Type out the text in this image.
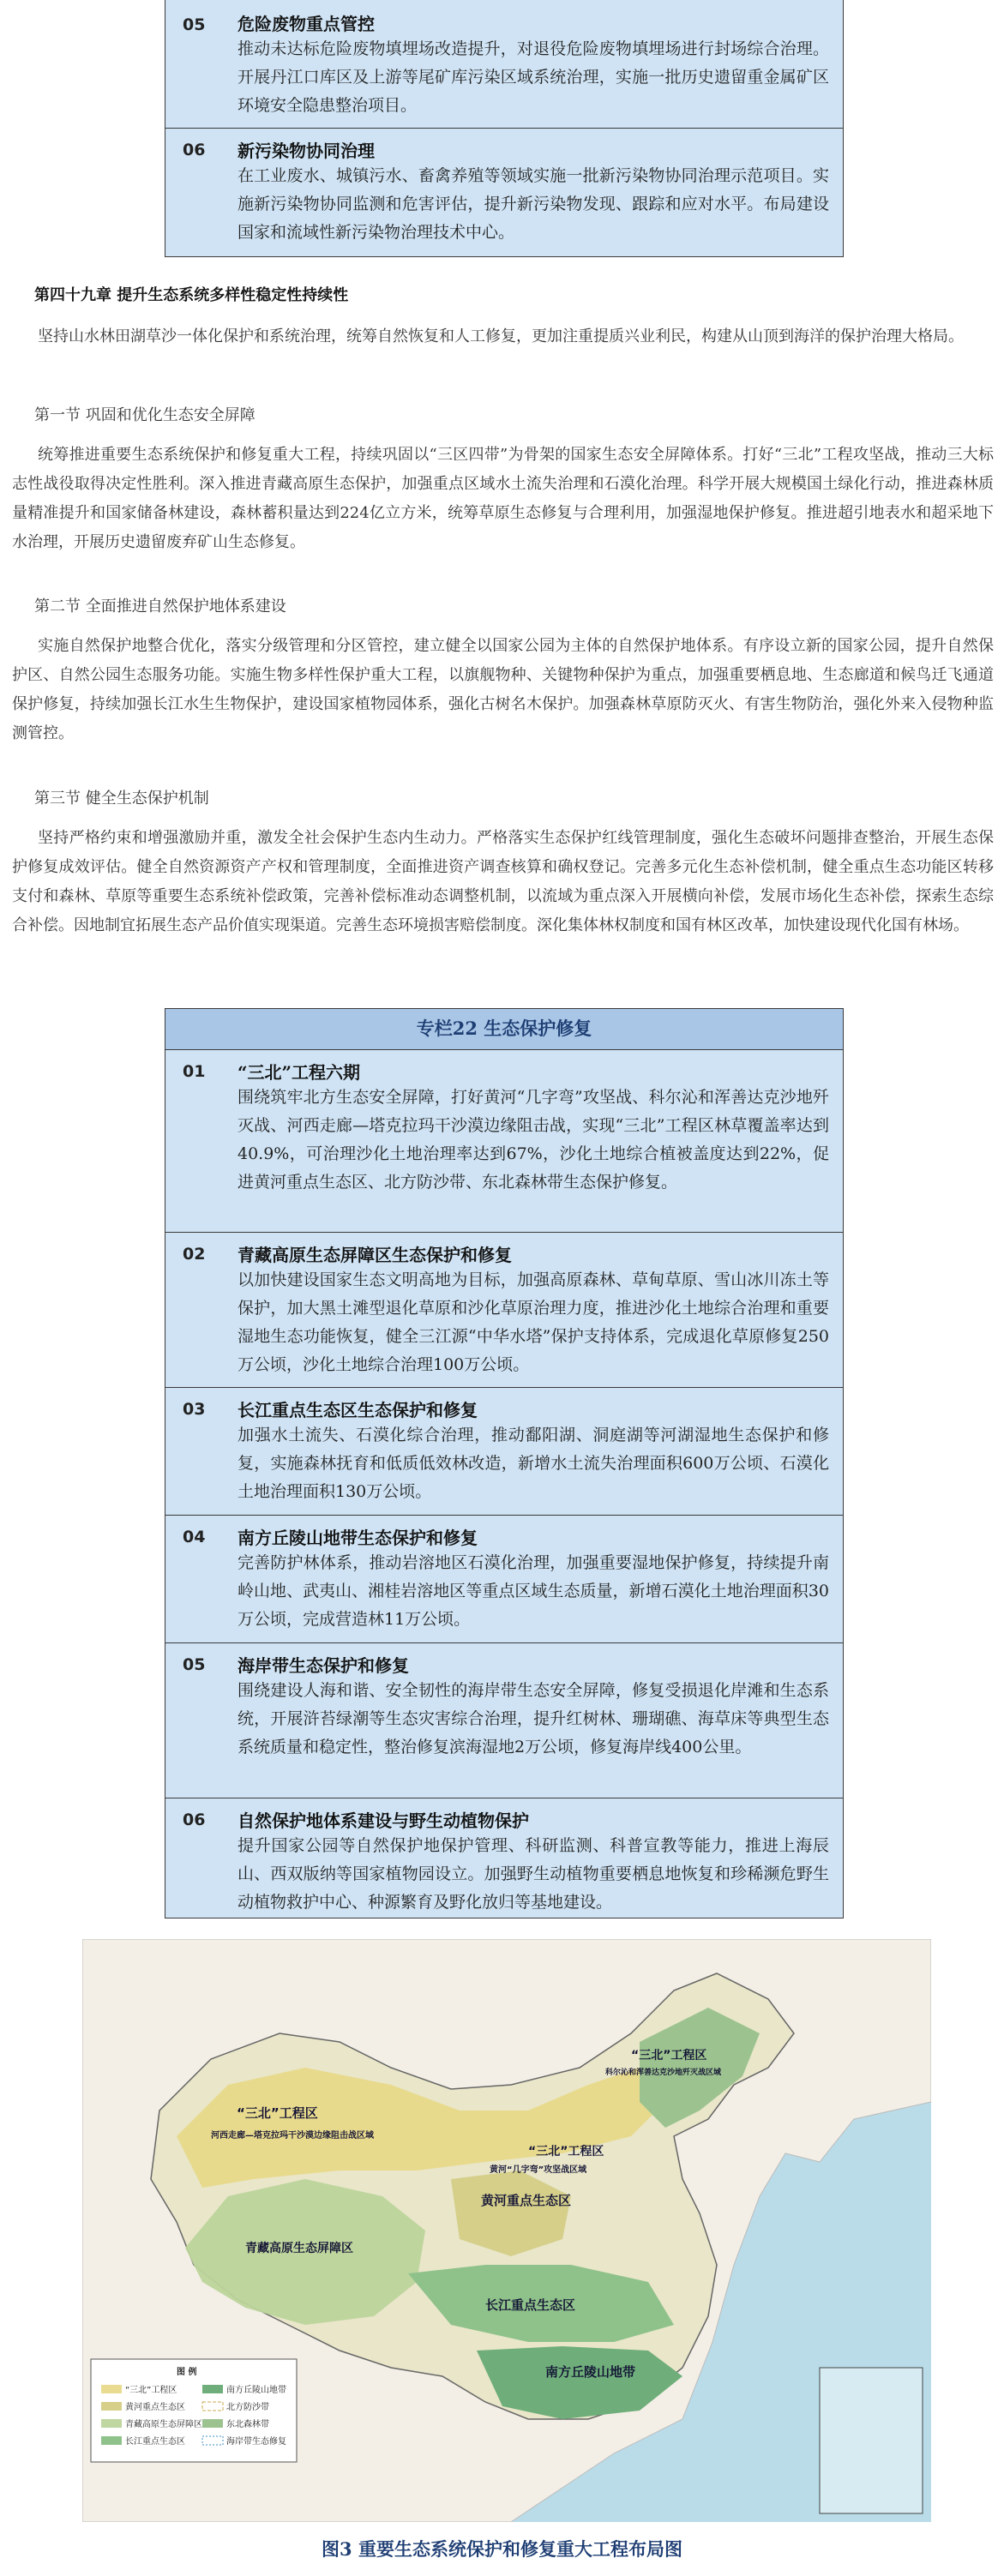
05 危险废物重点管控
推动未达标危险废物填埋场改造提升，对退役危险废物填埋场进行封场综合治理。开展丹江口库区及上游等尾矿库污染区域系统治理，实施一批历史遗留重金属矿区环境安全隐患整治项目。
06 新污染物协同治理
在工业废水、城镇污水、畜禽养殖等领域实施一批新污染物协同治理示范项目。实施新污染物协同监测和危害评估，提升新污染物发现、跟踪和应对水平。布局建设国家和流域性新污染物治理技术中心。
第四十九章 提升生态系统多样性稳定性持续性
坚持山水林田湖草沙一体化保护和系统治理，统筹自然恢复和人工修复，更加注重提质兴业利民，构建从山顶到海洋的保护治理大格局。
第一节 巩固和优化生态安全屏障
统筹推进重要生态系统保护和修复重大工程，持续巩固以“三区四带”为骨架的国家生态安全屏障体系。打好“三北”工程攻坚战，推动三大标志性战役取得决定性胜利。深入推进青藏高原生态保护，加强重点区域水土流失治理和石漠化治理。科学开展大规模国土绿化行动，推进森林质量精准提升和国家储备林建设，森林蓄积量达到224亿立方米，统筹草原生态修复与合理利用，加强湿地保护修复。推进超引地表水和超采地下水治理，开展历史遗留废弃矿山生态修复。
第二节 全面推进自然保护地体系建设
实施自然保护地整合优化，落实分级管理和分区管控，建立健全以国家公园为主体的自然保护地体系。有序设立新的国家公园，提升自然保护区、自然公园生态服务功能。实施生物多样性保护重大工程，以旗舰物种、关键物种保护为重点，加强重要栖息地、生态廊道和候鸟迁飞通道保护修复，持续加强长江水生生物保护，建设国家植物园体系，强化古树名木保护。加强森林草原防灭火、有害生物防治，强化外来入侵物种监测管控。
第三节 健全生态保护机制
坚持严格约束和增强激励并重，激发全社会保护生态内生动力。严格落实生态保护红线管理制度，强化生态破坏问题排查整治，开展生态保护修复成效评估。健全自然资源资产产权和管理制度，全面推进资产调查核算和确权登记。完善多元化生态补偿机制，健全重点生态功能区转移支付和森林、草原等重要生态系统补偿政策，完善补偿标准动态调整机制，以流域为重点深入开展横向补偿，发展市场化生态补偿，探索生态综合补偿。因地制宜拓展生态产品价值实现渠道。完善生态环境损害赔偿制度。深化集体林权制度和国有林区改革，加快建设现代化国有林场。
专栏22 生态保护修复
01 “三北”工程六期
围绕筑牢北方生态安全屏障，打好黄河“几字弯”攻坚战、科尔沁和浑善达克沙地歼灭战、河西走廊—塔克拉玛干沙漠边缘阻击战，实现“三北”工程区林草覆盖率达到40.9%，可治理沙化土地治理率达到67%，沙化土地综合植被盖度达到22%，促进黄河重点生态区、北方防沙带、东北森林带生态保护修复。
02 青藏高原生态屏障区生态保护和修复
以加快建设国家生态文明高地为目标，加强高原森林、草甸草原、雪山冰川冻土等保护，加大黑土滩型退化草原和沙化草原治理力度，推进沙化土地综合治理和重要湿地生态功能恢复，健全三江源“中华水塔”保护支持体系，完成退化草原修复250万公顷，沙化土地综合治理100万公顷。
03 长江重点生态区生态保护和修复
加强水土流失、石漠化综合治理，推动鄱阳湖、洞庭湖等河湖湿地生态保护和修复，实施森林抚育和低质低效林改造，新增水土流失治理面积600万公顷、石漠化土地治理面积130万公顷。
04 南方丘陵山地带生态保护和修复
完善防护林体系，推动岩溶地区石漠化治理，加强重要湿地保护修复，持续提升南岭山地、武夷山、湘桂岩溶地区等重点区域生态质量，新增石漠化土地治理面积30万公顷，完成营造林11万公顷。
05 海岸带生态保护和修复
围绕建设人海和谐、安全韧性的海岸带生态安全屏障，修复受损退化岸滩和生态系统，开展浒苔绿潮等生态灾害综合治理，提升红树林、珊瑚礁、海草床等典型生态系统质量和稳定性，整治修复滨海湿地2万公顷，修复海岸线400公里。
06 自然保护地体系建设与野生动植物保护
提升国家公园等自然保护地保护管理、科研监测、科普宣教等能力，推进上海辰山、西双版纳等国家植物园设立。加强野生动植物重要栖息地恢复和珍稀濒危野生动植物救护中心、种源繁育及野化放归等基地建设。
“三北”工程区
河西走廊—塔克拉玛干沙漠边缘阻击战区域
“三北”工程区
黄河“几字弯”攻坚战区域
“三北”工程区
科尔沁和浑善达克沙地歼灭战区域
青藏高原生态屏障区
黄河重点生态区
长江重点生态区
南方丘陵山地带
图 例
“三北”工程区
黄河重点生态区
青藏高原生态屏障区
长江重点生态区
南方丘陵山地带
北方防沙带
东北森林带
海岸带生态修复
图3 重要生态系统保护和修复重大工程布局图
